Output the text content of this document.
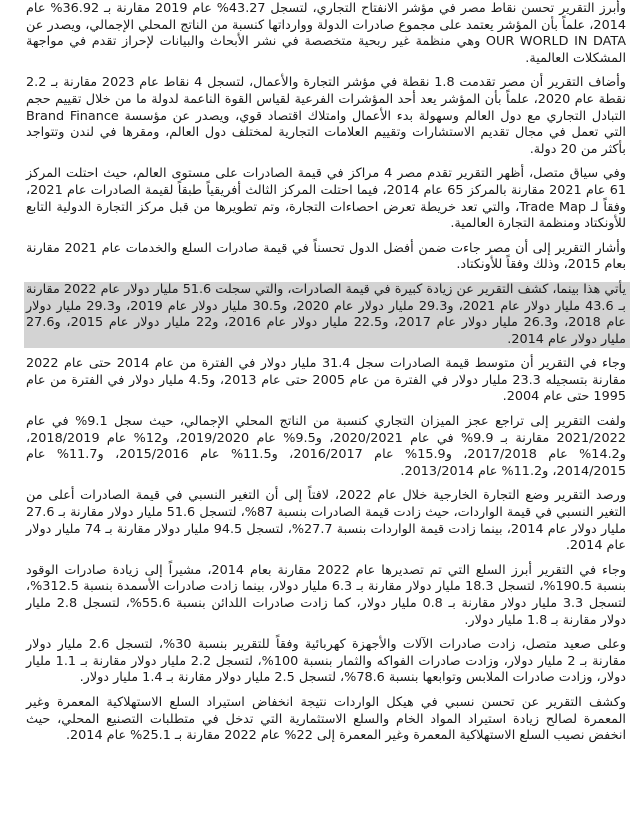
وأبرز التقرير تحسن نقاط مصر في مؤشر الانفتاح التجاري، لتسجل 43.27% عام 2019 مقارنة بـ 36.92% عام 2014، علماً بأن المؤشر يعتمد على مجموع صادرات الدولة ووارداتها كنسبة من الناتج المحلي الإجمالي، ويصدر عن OUR WORLD IN DATA وهي منظمة غير ربحية متخصصة في نشر الأبحاث والبيانات لإحراز تقدم في مواجهة المشكلات العالمية.

وأضاف التقرير أن مصر تقدمت 1.8 نقطة في مؤشر التجارة والأعمال، لتسجل 4 نقاط عام 2023 مقارنة بـ 2.2 نقطة عام 2020، علماً بأن المؤشر يعد أحد المؤشرات الفرعية لقياس القوة الناعمة لدولة ما من خلال تقييم حجم التبادل التجاري مع دول العالم وسهولة بدء الأعمال وامتلاك اقتصاد قوي، ويصدر عن مؤسسة Brand Finance التي تعمل في مجال تقديم الاستشارات وتقييم العلامات التجارية لمختلف دول العالم، ومقرها في لندن وتتواجد بأكثر من 20 دولة.

وفي سياق متصل، أظهر التقرير تقدم مصر 4 مراكز في قيمة الصادرات على مستوى العالم، حيث احتلت المركز 61 عام 2021 مقارنة بالمركز 65 عام 2014، فيما احتلت المركز الثالث أفريقياً طبقاً لقيمة الصادرات عام 2021، وفقاً لـ Trade Map، والتي تعد خريطة تعرض احصاءات التجارة، وتم تطويرها من قبل مركز التجارة الدولية التابع للأونكتاد ومنظمة التجارة العالمية.

وأشار التقرير إلى أن مصر جاءت ضمن أفضل الدول تحسناً في قيمة صادرات السلع والخدمات عام 2021 مقارنة بعام 2015، وذلك وفقاً للأونكتاد.

يأتي هذا بينما، كشف التقرير عن زيادة كبيرة في قيمة الصادرات، والتي سجلت 51.6 مليار دولار عام 2022 مقارنة بـ 43.6 مليار دولار عام 2021، و29.3 مليار دولار عام 2020، و30.5 مليار دولار عام 2019، و29.3 مليار دولار عام 2018، و26.3 مليار دولار عام 2017، و22.5 مليار دولار عام 2016، و22 مليار دولار عام 2015، و27.6 مليار دولار عام 2014.

وجاء في التقرير أن متوسط قيمة الصادرات سجل 31.4 مليار دولار في الفترة من عام 2014 حتى عام 2022 مقارنة بتسجيله 23.3 مليار دولار في الفترة من عام 2005 حتى عام 2013، و4.5 مليار دولار في الفترة من عام 1995 حتى عام 2004.

ولفت التقرير إلى تراجع عجز الميزان التجاري كنسبة من الناتج المحلي الإجمالي، حيث سجل 9.1% في عام 2021/2022 مقارنة بـ 9.9% في عام 2020/2021، و9.5% عام 2019/2020، و12% عام 2018/2019، و14.2% عام 2017/2018، و15.9% عام 2016/2017، و11.5% عام 2015/2016، و11.7% عام 2014/2015، و11.2% عام 2013/2014.

ورصد التقرير وضع التجارة الخارجية خلال عام 2022، لافتاً إلى أن التغير النسبي في قيمة الصادرات أعلى من التغير النسبي في قيمة الواردات، حيث زادت قيمة الصادرات بنسبة 87%، لتسجل 51.6 مليار دولار مقارنة بـ 27.6 مليار دولار عام 2014، بينما زادت قيمة الواردات بنسبة 27.7%، لتسجل 94.5 مليار دولار مقارنة بـ 74 مليار دولار عام 2014.

وجاء في التقرير أبرز السلع التي تم تصديرها عام 2022 مقارنة بعام 2014، مشيراً إلى زيادة صادرات الوقود بنسبة 190.5%، لتسجل 18.3 مليار دولار مقارنة بـ 6.3 مليار دولار، بينما زادت صادرات الأسمدة بنسبة 312.5%، لتسجل 3.3 مليار دولار مقارنة بـ 0.8 مليار دولار، كما زادت صادرات اللدائن بنسبة 55.6%، لتسجل 2.8 مليار دولار مقارنة بـ 1.8 مليار دولار.

وعلى صعيد متصل، زادت صادرات الآلات والأجهزة كهربائية وفقاً للتقرير بنسبة 30%، لتسجل 2.6 مليار دولار مقارنة بـ 2 مليار دولار، وزادت صادرات الفواكه والثمار بنسبة 100%، لتسجل 2.2 مليار دولار مقارنة بـ 1.1 مليار دولار، وزادت صادرات الملابس وتوابعها بنسبة 78.6%، لتسجل 2.5 مليار دولار مقارنة بـ 1.4 مليار دولار.

وكشف التقرير عن تحسن نسبي في هيكل الواردات نتيجة انخفاض استيراد السلع الاستهلاكية المعمرة وغير المعمرة لصالح زيادة استيراد المواد الخام والسلع الاستثمارية التي تدخل في متطلبات التصنيع المحلي، حيث انخفض نصيب السلع الاستهلاكية المعمرة وغير المعمرة إلى 22% عام 2022 مقارنة بـ 25.1% عام 2014.
